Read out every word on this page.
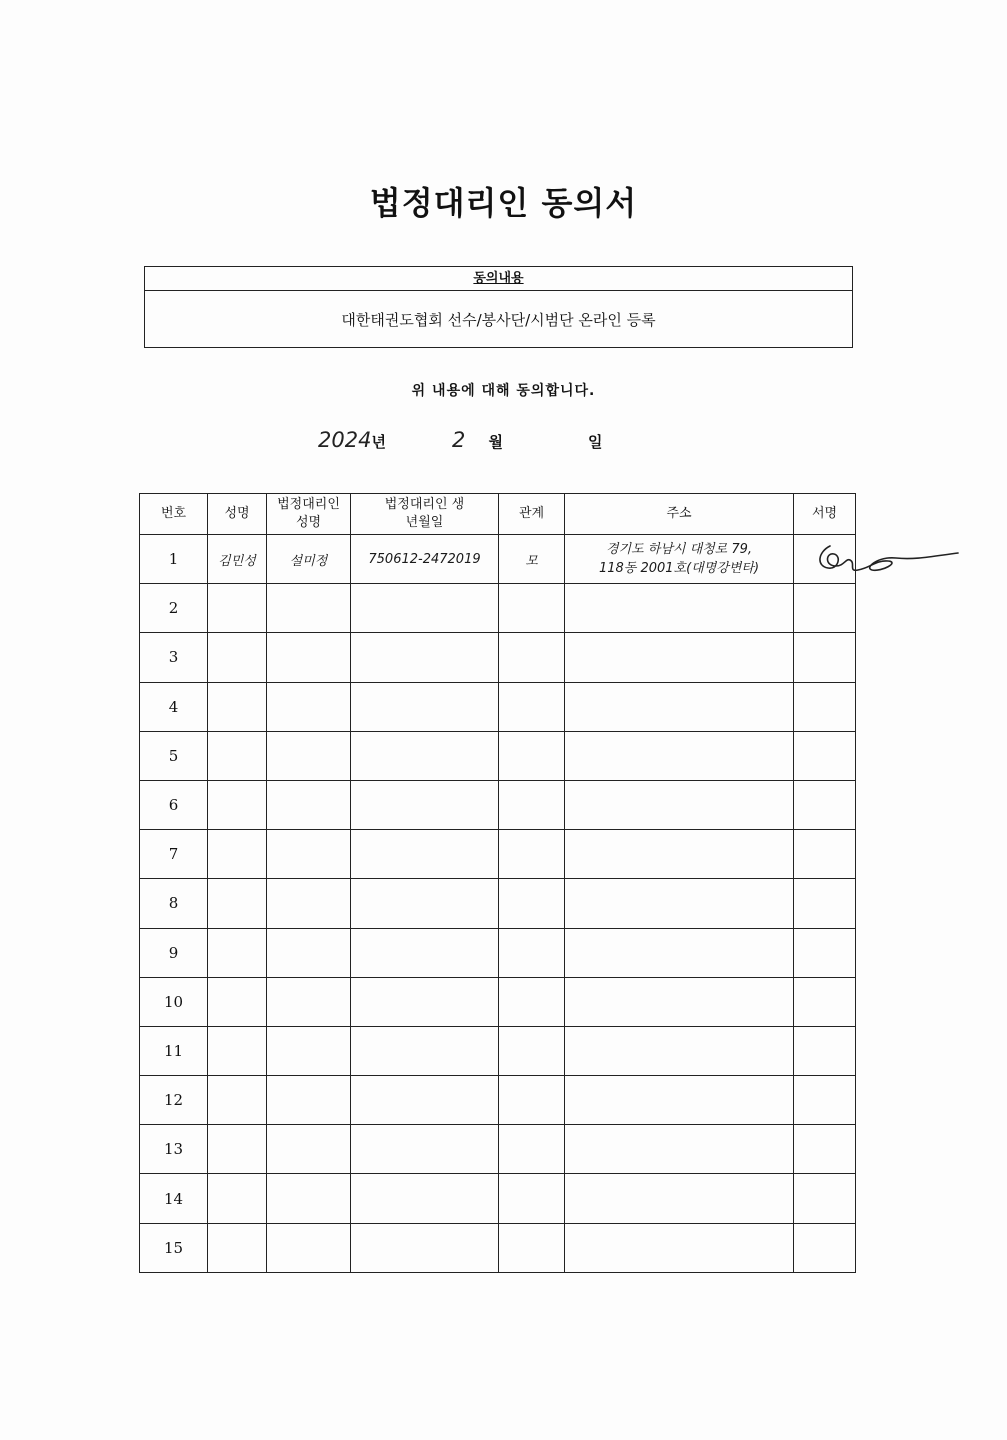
법정대리인 동의서
동의내용
대한태권도협회 선수/봉사단/시범단 온라인 등록
위 내용에 대해 동의합니다.
2024년	2 월	일
번호	성명	법정대리인 성명	법정대리인 생년월일	관계	주소	서명
1	김민성	설미정	750612-2472019	모	경기도 하남시 대청로 79,
118동 2001호(대명강변타)	

2						
3						
4						
5						
6						
7						
8						
9						
10						
11						
12						
13						
14						
15						
